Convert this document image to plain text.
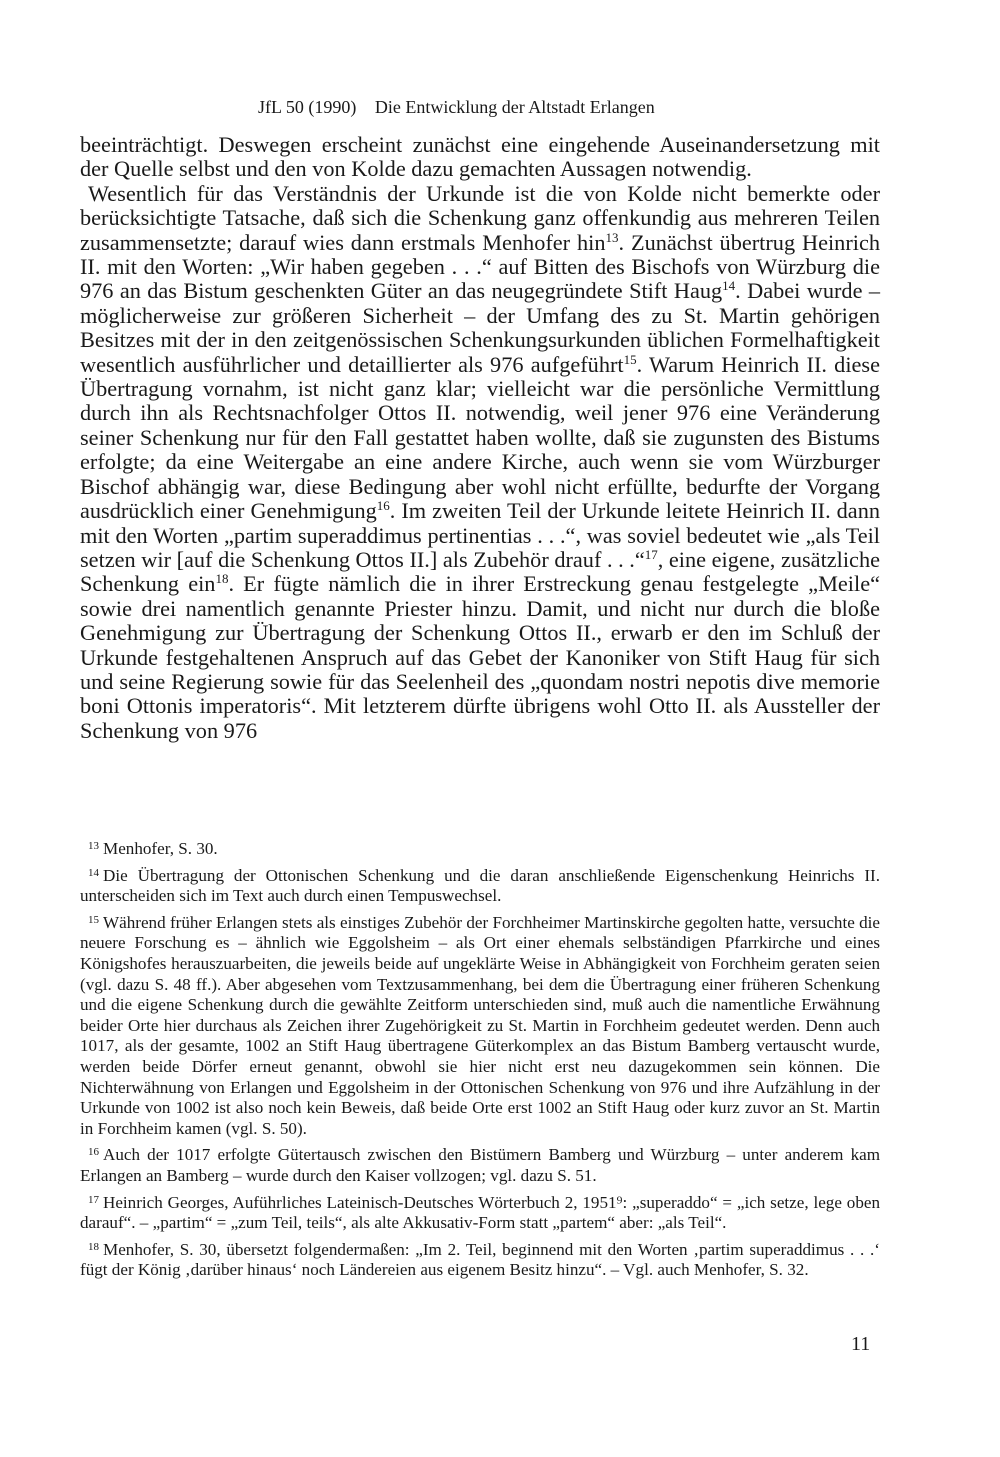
JfL 50 (1990) Die Entwicklung der Altstadt Erlangen

beeinträchtigt. Deswegen erscheint zunächst eine eingehende Auseinandersetzung mit der Quelle selbst und den von Kolde dazu gemachten Aussagen notwendig.

Wesentlich für das Verständnis der Urkunde ist die von Kolde nicht bemerkte oder berücksichtigte Tatsache, daß sich die Schenkung ganz offenkundig aus mehreren Teilen zusammensetzte; darauf wies dann erstmals Menhofer hin$^{13}$. Zunächst übertrug Heinrich II. mit den Worten: „Wir haben gegeben . . .“ auf Bitten des Bischofs von Würzburg die 976 an das Bistum geschenkten Güter an das neugegründete Stift Haug$^{14}$. Dabei wurde – möglicherweise zur größeren Sicherheit – der Umfang des zu St. Martin gehörigen Besitzes mit der in den zeitgenössischen Schenkungsurkunden üblichen Formelhaftigkeit wesentlich ausführlicher und detaillierter als 976 aufgeführt$^{15}$. Warum Heinrich II. diese Übertragung vornahm, ist nicht ganz klar; vielleicht war die persönliche Vermittlung durch ihn als Rechtsnachfolger Ottos II. notwendig, weil jener 976 eine Veränderung seiner Schenkung nur für den Fall gestattet haben wollte, daß sie zugunsten des Bistums erfolgte; da eine Weitergabe an eine andere Kirche, auch wenn sie vom Würzburger Bischof abhängig war, diese Bedingung aber wohl nicht erfüllte, bedurfte der Vorgang ausdrücklich einer Genehmigung$^{16}$. Im zweiten Teil der Urkunde leitete Heinrich II. dann mit den Worten „partim superaddimus pertinentias . . .“, was soviel bedeutet wie „als Teil setzen wir [auf die Schenkung Ottos II.] als Zubehör drauf . . .“$^{17}$, eine eigene, zusätzliche Schenkung ein$^{18}$. Er fügte nämlich die in ihrer Erstreckung genau festgelegte „Meile“ sowie drei namentlich genannte Priester hinzu. Damit, und nicht nur durch die bloße Genehmigung zur Übertragung der Schenkung Ottos II., erwarb er den im Schluß der Urkunde festgehaltenen Anspruch auf das Gebet der Kanoniker von Stift Haug für sich und seine Regierung sowie für das Seelenheil des „quondam nostri nepotis dive memorie boni Ottonis imperatoris“. Mit letzterem dürfte übrigens wohl Otto II. als Aussteller der Schenkung von 976

$^{13}$ Menhofer, S. 30.
$^{14}$ Die Übertragung der Ottonischen Schenkung und die daran anschließende Eigenschenkung Heinrichs II. unterscheiden sich im Text auch durch einen Tempuswechsel.
$^{15}$ Während früher Erlangen stets als einstiges Zubehör der Forchheimer Martinskirche gegolten hatte, versuchte die neuere Forschung es – ähnlich wie Eggolsheim – als Ort einer ehemals selbständigen Pfarrkirche und eines Königshofes herauszuarbeiten, die jeweils beide auf ungeklärte Weise in Abhängigkeit von Forchheim geraten seien (vgl. dazu S. 48 ff.). Aber abgesehen vom Textzusammenhang, bei dem die Übertragung einer früheren Schenkung und die eigene Schenkung durch die gewählte Zeitform unterschieden sind, muß auch die namentliche Erwähnung beider Orte hier durchaus als Zeichen ihrer Zugehörigkeit zu St. Martin in Forchheim gedeutet werden. Denn auch 1017, als der gesamte, 1002 an Stift Haug übertragene Güterkomplex an das Bistum Bamberg vertauscht wurde, werden beide Dörfer erneut genannt, obwohl sie hier nicht erst neu dazugekommen sein können. Die Nichterwähnung von Erlangen und Eggolsheim in der Ottonischen Schenkung von 976 und ihre Aufzählung in der Urkunde von 1002 ist also noch kein Beweis, daß beide Orte erst 1002 an Stift Haug oder kurz zuvor an St. Martin in Forchheim kamen (vgl. S. 50).
$^{16}$ Auch der 1017 erfolgte Gütertausch zwischen den Bistümern Bamberg und Würzburg – unter anderem kam Erlangen an Bamberg – wurde durch den Kaiser vollzogen; vgl. dazu S. 51.
$^{17}$ Heinrich Georges, Auführliches Lateinisch-Deutsches Wörterbuch 2, 1951⁹: „superaddo“ = „ich setze, lege oben darauf“. – „partim“ = „zum Teil, teils“, als alte Akkusativ-Form statt „partem“ aber: „als Teil“.
$^{18}$ Menhofer, S. 30, übersetzt folgendermaßen: „Im 2. Teil, beginnend mit den Worten ‚partim superaddimus . . .‘ fügt der König ‚darüber hinaus‘ noch Ländereien aus eigenem Besitz hinzu“. – Vgl. auch Menhofer, S. 32.
11
